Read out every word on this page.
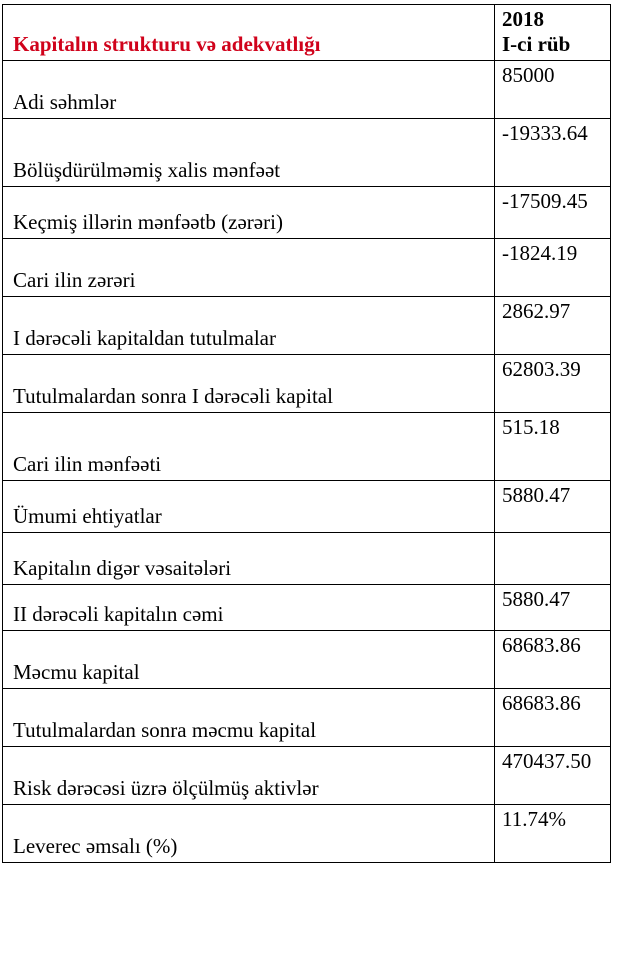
Kapitalın strukturu və adekvatlığı	2018
I-ci rüb

Adi səhmlər	85000
Bölüşdürülməmiş xalis mənfəət	-19333.64
Keçmiş illərin mənfəətb (zərəri)	-17509.45
Cari ilin zərəri	-1824.19
I dərəcəli kapitaldan tutulmalar	2862.97
Tutulmalardan sonra I dərəcəli kapital	62803.39
Cari ilin mənfəəti	515.18
Ümumi ehtiyatlar	5880.47
Kapitalın digər vəsaitələri	
II dərəcəli kapitalın cəmi	5880.47
Məcmu kapital	68683.86
Tutulmalardan sonra məcmu kapital	68683.86
Risk dərəcəsi üzrə ölçülmüş aktivlər	470437.50
Leverec əmsalı (%)	11.74%
